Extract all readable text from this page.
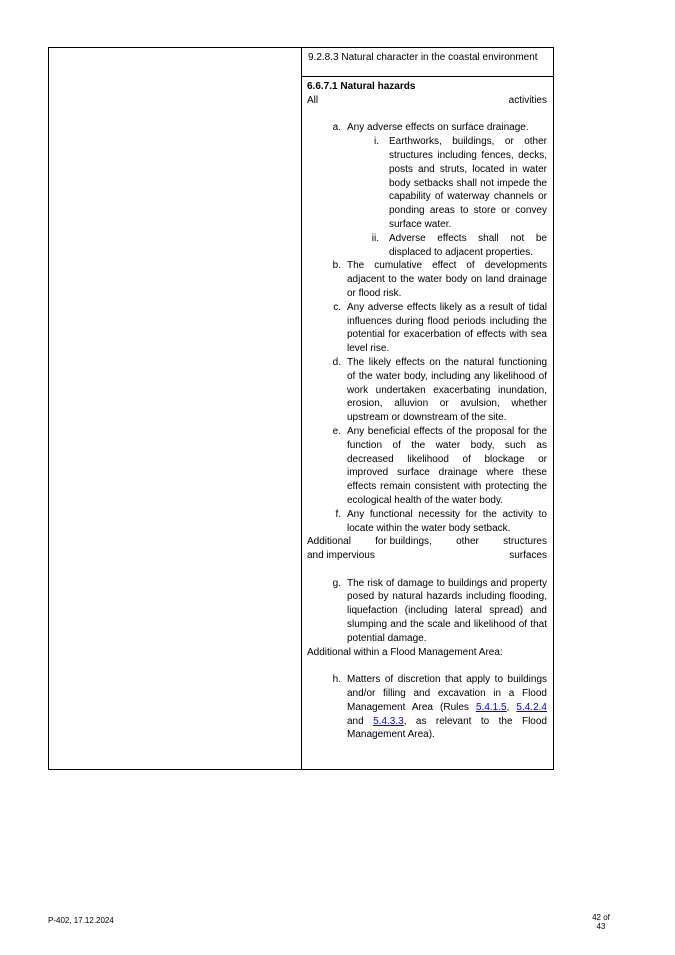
9.2.8.3 Natural character in the coastal environment
6.6.7.1 Natural hazards
All	activities
a. Any adverse effects on surface drainage.
i.	Earthworks, buildings, or other structures including fences, decks, posts and struts, located in water body setbacks shall not impede the capability of waterway channels or ponding areas to store or convey surface water.
ii.	Adverse effects shall not be displaced to adjacent properties.
b. The cumulative effect of developments adjacent to the water body on land drainage or flood risk.
c. Any adverse effects likely as a result of tidal influences during flood periods including the potential for exacerbation of effects with sea level rise.
d. The likely effects on the natural functioning of the water body, including any likelihood of work undertaken exacerbating inundation, erosion, alluvion or avulsion, whether upstream or downstream of the site.
e. Any beneficial effects of the proposal for the function of the water body, such as decreased likelihood of blockage or improved surface drainage where these effects remain consistent with protecting the ecological health of the water body.
f. Any functional necessity for the activity to locate within the water body setback.
Additional for buildings, other structures
and impervious	surfaces
g. The risk of damage to buildings and property posed by natural hazards including flooding, liquefaction (including lateral spread) and slumping and the scale and likelihood of that potential damage.
Additional within a Flood Management Area:
h. Matters of discretion that apply to buildings and/or filling and excavation in a Flood Management Area (Rules 5.4.1.5, 5.4.2.4 and 5.4.3.3, as relevant to the Flood Management Area).
P-402, 17.12.2024	42 of
43
